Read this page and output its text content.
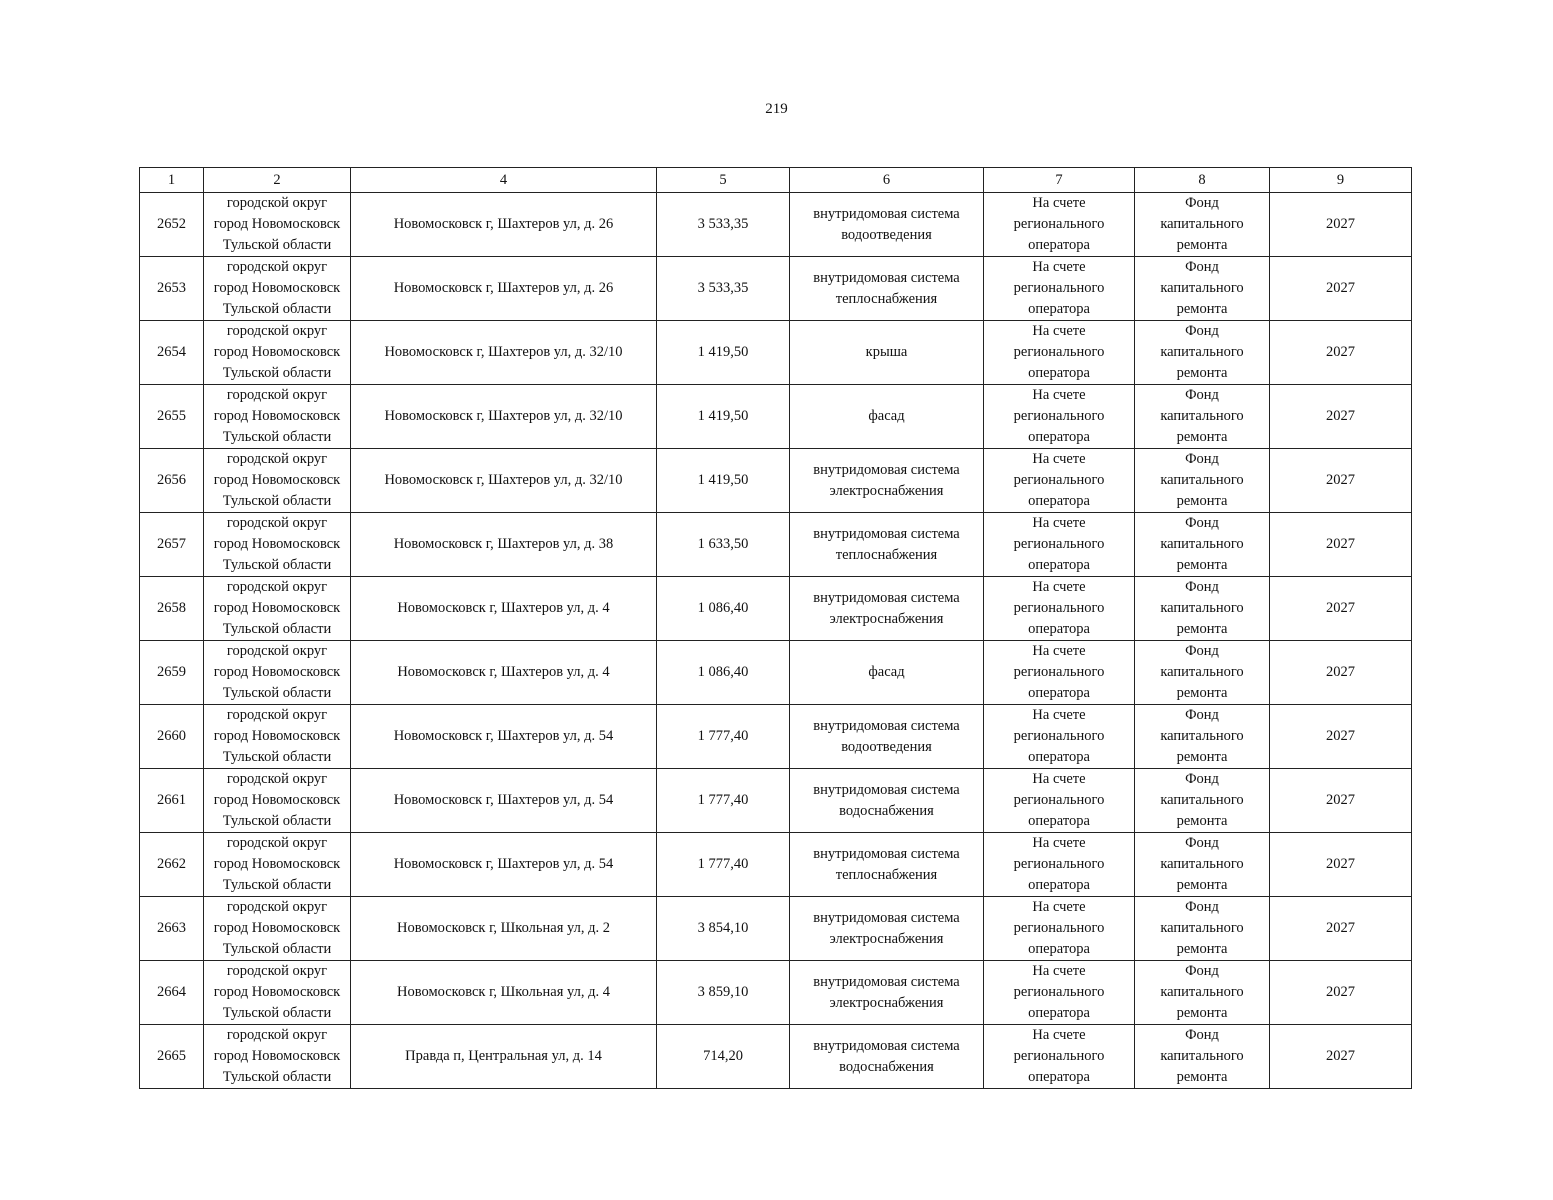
219
1	2	4	5	6	7	8	9
2652	городской округ
город Новомосковск
Тульской области	Новомосковск г, Шахтеров ул, д. 26	3 533,35	внутридомовая система
водоотведения	На счете
регионального
оператора	Фонд
капитального
ремонта	2027
2653	городской округ
город Новомосковск
Тульской области	Новомосковск г, Шахтеров ул, д. 26	3 533,35	внутридомовая система
теплоснабжения	На счете
регионального
оператора	Фонд
капитального
ремонта	2027
2654	городской округ
город Новомосковск
Тульской области	Новомосковск г, Шахтеров ул, д. 32/10	1 419,50	крыша	На счете
регионального
оператора	Фонд
капитального
ремонта	2027
2655	городской округ
город Новомосковск
Тульской области	Новомосковск г, Шахтеров ул, д. 32/10	1 419,50	фасад	На счете
регионального
оператора	Фонд
капитального
ремонта	2027
2656	городской округ
город Новомосковск
Тульской области	Новомосковск г, Шахтеров ул, д. 32/10	1 419,50	внутридомовая система
электроснабжения	На счете
регионального
оператора	Фонд
капитального
ремонта	2027
2657	городской округ
город Новомосковск
Тульской области	Новомосковск г, Шахтеров ул, д. 38	1 633,50	внутридомовая система
теплоснабжения	На счете
регионального
оператора	Фонд
капитального
ремонта	2027
2658	городской округ
город Новомосковск
Тульской области	Новомосковск г, Шахтеров ул, д. 4	1 086,40	внутридомовая система
электроснабжения	На счете
регионального
оператора	Фонд
капитального
ремонта	2027
2659	городской округ
город Новомосковск
Тульской области	Новомосковск г, Шахтеров ул, д. 4	1 086,40	фасад	На счете
регионального
оператора	Фонд
капитального
ремонта	2027
2660	городской округ
город Новомосковск
Тульской области	Новомосковск г, Шахтеров ул, д. 54	1 777,40	внутридомовая система
водоотведения	На счете
регионального
оператора	Фонд
капитального
ремонта	2027
2661	городской округ
город Новомосковск
Тульской области	Новомосковск г, Шахтеров ул, д. 54	1 777,40	внутридомовая система
водоснабжения	На счете
регионального
оператора	Фонд
капитального
ремонта	2027
2662	городской округ
город Новомосковск
Тульской области	Новомосковск г, Шахтеров ул, д. 54	1 777,40	внутридомовая система
теплоснабжения	На счете
регионального
оператора	Фонд
капитального
ремонта	2027
2663	городской округ
город Новомосковск
Тульской области	Новомосковск г, Школьная ул, д. 2	3 854,10	внутридомовая система
электроснабжения	На счете
регионального
оператора	Фонд
капитального
ремонта	2027
2664	городской округ
город Новомосковск
Тульской области	Новомосковск г, Школьная ул, д. 4	3 859,10	внутридомовая система
электроснабжения	На счете
регионального
оператора	Фонд
капитального
ремонта	2027
2665	городской округ
город Новомосковск
Тульской области	Правда п, Центральная ул, д. 14	714,20	внутридомовая система
водоснабжения	На счете
регионального
оператора	Фонд
капитального
ремонта	2027
